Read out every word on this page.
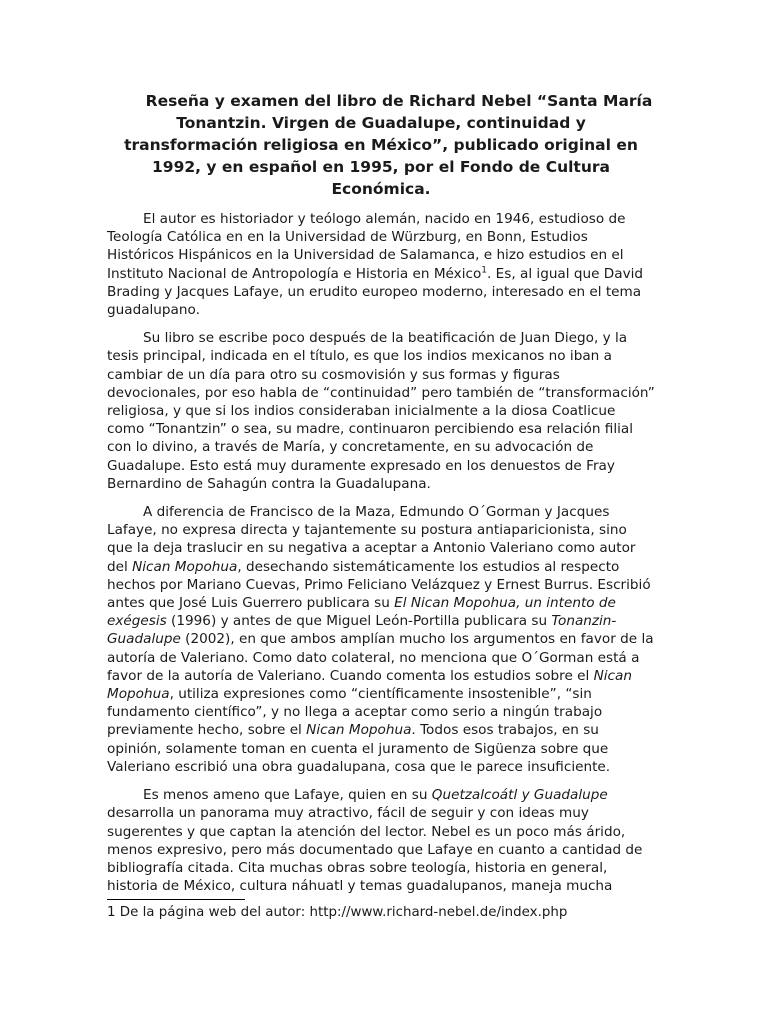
Reseña y examen del libro de Richard Nebel “Santa María Tonantzin. Virgen de Guadalupe, continuidad y transformación religiosa en México”, publicado original en 1992, y en español en 1995, por el Fondo de Cultura Económica.

El autor es historiador y teólogo alemán, nacido en 1946, estudioso de Teología Católica en en la Universidad de Würzburg, en Bonn, Estudios Históricos Hispánicos en la Universidad de Salamanca, e hizo estudios en el Instituto Nacional de Antropología e Historia en México$^1$. Es, al igual que David Brading y Jacques Lafaye, un erudito europeo moderno, interesado en el tema guadalupano.

Su libro se escribe poco después de la beatificación de Juan Diego, y la tesis principal, indicada en el título, es que los indios mexicanos no iban a cambiar de un día para otro su cosmovisión y sus formas y figuras devocionales, por eso habla de “continuidad” pero también de “transformación” religiosa, y que si los indios consideraban inicialmente a la diosa Coatlicue como “Tonantzin” o sea, su madre, continuaron percibiendo esa relación filial con lo divino, a través de María, y concretamente, en su advocación de Guadalupe. Esto está muy duramente expresado en los denuestos de Fray Bernardino de Sahagún contra la Guadalupana.

A diferencia de Francisco de la Maza, Edmundo O´Gorman y Jacques Lafaye, no expresa directa y tajantemente su postura antiaparicionista, sino que la deja traslucir en su negativa a aceptar a Antonio Valeriano como autor del Nican Mopohua, desechando sistemáticamente los estudios al respecto hechos por Mariano Cuevas, Primo Feliciano Velázquez y Ernest Burrus. Escribió antes que José Luis Guerrero publicara su El Nican Mopohua, un intento de exégesis (1996) y antes de que Miguel León-Portilla publicara su Tonanzin-Guadalupe (2002), en que ambos amplían mucho los argumentos en favor de la autoría de Valeriano. Como dato colateral, no menciona que O´Gorman está a favor de la autoría de Valeriano. Cuando comenta los estudios sobre el Nican Mopohua, utiliza expresiones como “científicamente insostenible”, “sin fundamento científico”, y no llega a aceptar como serio a ningún trabajo previamente hecho, sobre el Nican Mopohua. Todos esos trabajos, en su opinión, solamente toman en cuenta el juramento de Sigüenza sobre que Valeriano escribió una obra guadalupana, cosa que le parece insuficiente.

Es menos ameno que Lafaye, quien en su Quetzalcoátl y Guadalupe desarrolla un panorama muy atractivo, fácil de seguir y con ideas muy sugerentes y que captan la atención del lector. Nebel es un poco más árido, menos expresivo, pero más documentado que Lafaye en cuanto a cantidad de bibliografía citada. Cita muchas obras sobre teología, historia en general, historia de México, cultura náhuatl y temas guadalupanos, maneja mucha

1 De la página web del autor: http://www.richard-nebel.de/index.php
